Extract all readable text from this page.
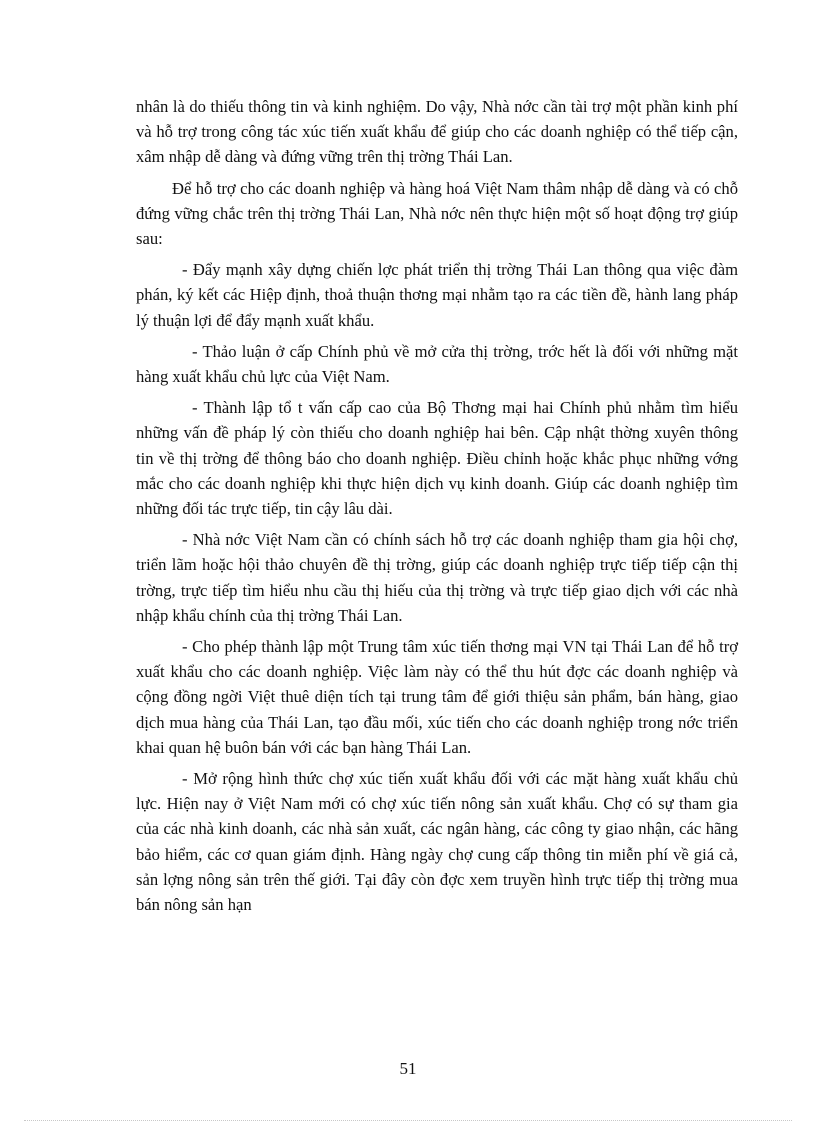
nhân là do thiếu thông tin và kinh nghiệm. Do vậy, Nhà nớc cần tài trợ một phần kinh phí và hỗ trợ trong công tác xúc tiến xuất khẩu để giúp cho các doanh nghiệp có thể tiếp cận, xâm nhập dễ dàng và đứng vững trên thị trờng Thái Lan.

Để hỗ trợ cho các doanh nghiệp và hàng hoá Việt Nam thâm nhập dễ dàng và có chỗ đứng vững chắc trên thị trờng Thái Lan, Nhà nớc nên thực hiện một số hoạt động trợ giúp sau:

- Đẩy mạnh xây dựng chiến lợc phát triển thị trờng Thái Lan thông qua việc đàm phán, ký kết các Hiệp định, thoả thuận thơng mại nhằm tạo ra các tiền đề, hành lang pháp lý thuận lợi để đẩy mạnh xuất khẩu.

- Thảo luận ở cấp Chính phủ về mở cửa thị trờng, trớc hết là đối với những mặt hàng xuất khẩu chủ lực của Việt Nam.

- Thành lập tổ t vấn cấp cao của Bộ Thơng mại hai Chính phủ nhằm tìm hiểu những vấn đề pháp lý còn thiếu cho doanh nghiệp hai bên. Cập nhật thờng xuyên thông tin về thị trờng để thông báo cho doanh nghiệp. Điều chỉnh hoặc khắc phục những vớng mắc cho các doanh nghiệp khi thực hiện dịch vụ kinh doanh. Giúp các doanh nghiệp tìm những đối tác trực tiếp, tin cậy lâu dài.

- Nhà nớc Việt Nam cần có chính sách hỗ trợ các doanh nghiệp tham gia hội chợ, triển lãm hoặc hội thảo chuyên đề thị trờng, giúp các doanh nghiệp trực tiếp tiếp cận thị trờng, trực tiếp tìm hiểu nhu cầu thị hiếu của thị trờng và trực tiếp giao dịch với các nhà nhập khẩu chính của thị trờng Thái Lan.

- Cho phép thành lập một Trung tâm xúc tiến thơng mại VN tại Thái Lan để hỗ trợ xuất khẩu cho các doanh nghiệp. Việc làm này có thể thu hút đợc các doanh nghiệp và cộng đồng ngời Việt thuê diện tích tại trung tâm để giới thiệu sản phẩm, bán hàng, giao dịch mua hàng của Thái Lan, tạo đầu mối, xúc tiến cho các doanh nghiệp trong nớc triển khai quan hệ buôn bán với các bạn hàng Thái Lan.

- Mở rộng hình thức chợ xúc tiến xuất khẩu đối với các mặt hàng xuất khẩu chủ lực. Hiện nay ở Việt Nam mới có chợ xúc tiến nông sản xuất khẩu. Chợ có sự tham gia của các nhà kinh doanh, các nhà sản xuất, các ngân hàng, các công ty giao nhận, các hãng bảo hiểm, các cơ quan giám định. Hàng ngày chợ cung cấp thông tin miễn phí về giá cả, sản lợng nông sản trên thế giới. Tại đây còn đợc xem truyền hình trực tiếp thị trờng mua bán nông sản hạn

51
